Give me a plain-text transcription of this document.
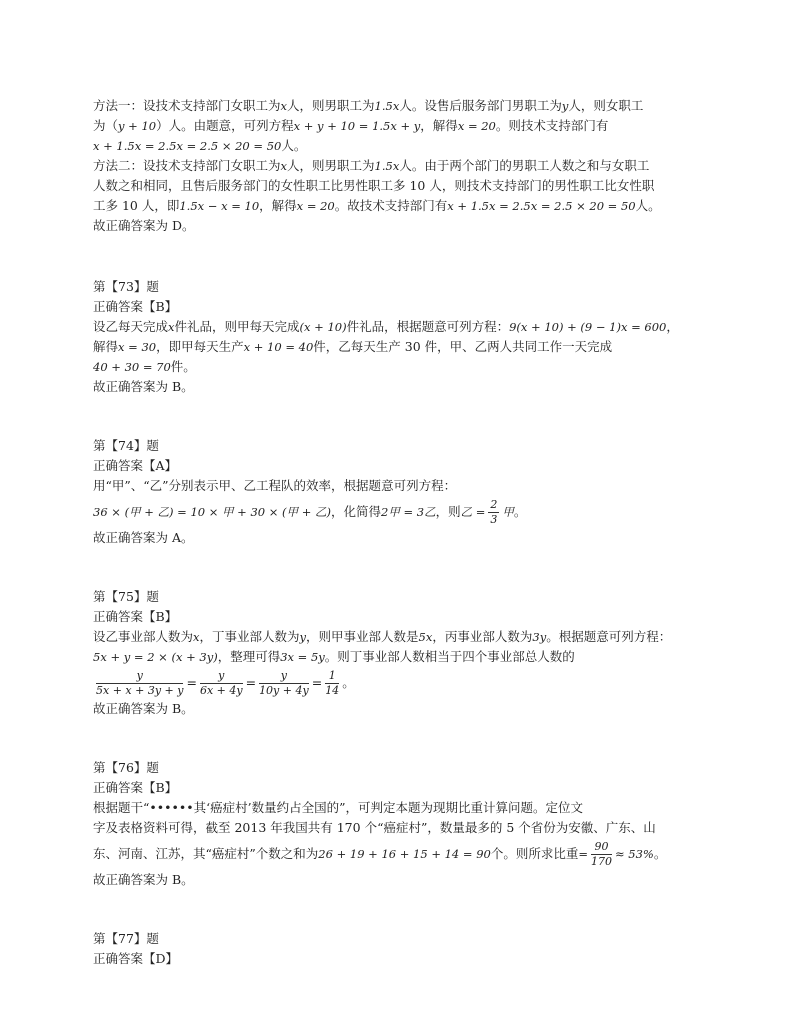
方法一：设技术支持部门女职工为x人，则男职工为1.5x人。设售后服务部门男职工为y人，则女职工

为（y + 10）人。由题意，可列方程x + y + 10 = 1.5x + y，解得x = 20。则技术支持部门有

x + 1.5x = 2.5x = 2.5 × 20 = 50人。

方法二：设技术支持部门女职工为x人，则男职工为1.5x人。由于两个部门的男职工人数之和与女职工

人数之和相同，且售后服务部门的女性职工比男性职工多 10 人，则技术支持部门的男性职工比女性职

工多 10 人，即1.5x − x = 10，解得x = 20。故技术支持部门有x + 1.5x = 2.5x = 2.5 × 20 = 50人。

故正确答案为 D。

第【73】题

正确答案【B】

设乙每天完成x件礼品，则甲每天完成(x + 10)件礼品，根据题意可列方程：9(x + 10) + (9 − 1)x = 600，

解得x = 30，即甲每天生产x + 10 = 40件，乙每天生产 30 件，甲、乙两人共同工作一天完成

40 + 30 = 70件。

故正确答案为 B。

第【74】题

正确答案【A】

用“甲”、“乙”分别表示甲、乙工程队的效率，根据题意可列方程：

36 × (甲 + 乙) = 10 × 甲 + 30 × (甲 + 乙)，化简得2甲 = 3乙，则乙 = $\frac{2}{3}$ 甲。

故正确答案为 A。

第【75】题

正确答案【B】

设乙事业部人数为x，丁事业部人数为y，则甲事业部人数是5x，丙事业部人数为3y。根据题意可列方程：

5x + y = 2 × (x + 3y)，整理可得3x = 5y。则丁事业部人数相当于四个事业部总人数的

$\frac{y}{5x + x + 3y + y} = \frac{y}{6x + 4y} = \frac{y}{10y + 4y} = \frac{1}{14}$ 。

故正确答案为 B。

第【76】题

正确答案【B】

根据题干“••••••其‘癌症村’数量约占全国的”，可判定本题为现期比重计算问题。定位文

字及表格资料可得，截至 2013 年我国共有 170 个“癌症村”，数量最多的 5 个省份为安徽、广东、山

东、河南、江苏，其“癌症村”个数之和为26 + 19 + 16 + 15 + 14 = 90个。则所求比重= $\frac{90}{170} \approx 53\%$。

故正确答案为 B。

第【77】题

正确答案【D】
